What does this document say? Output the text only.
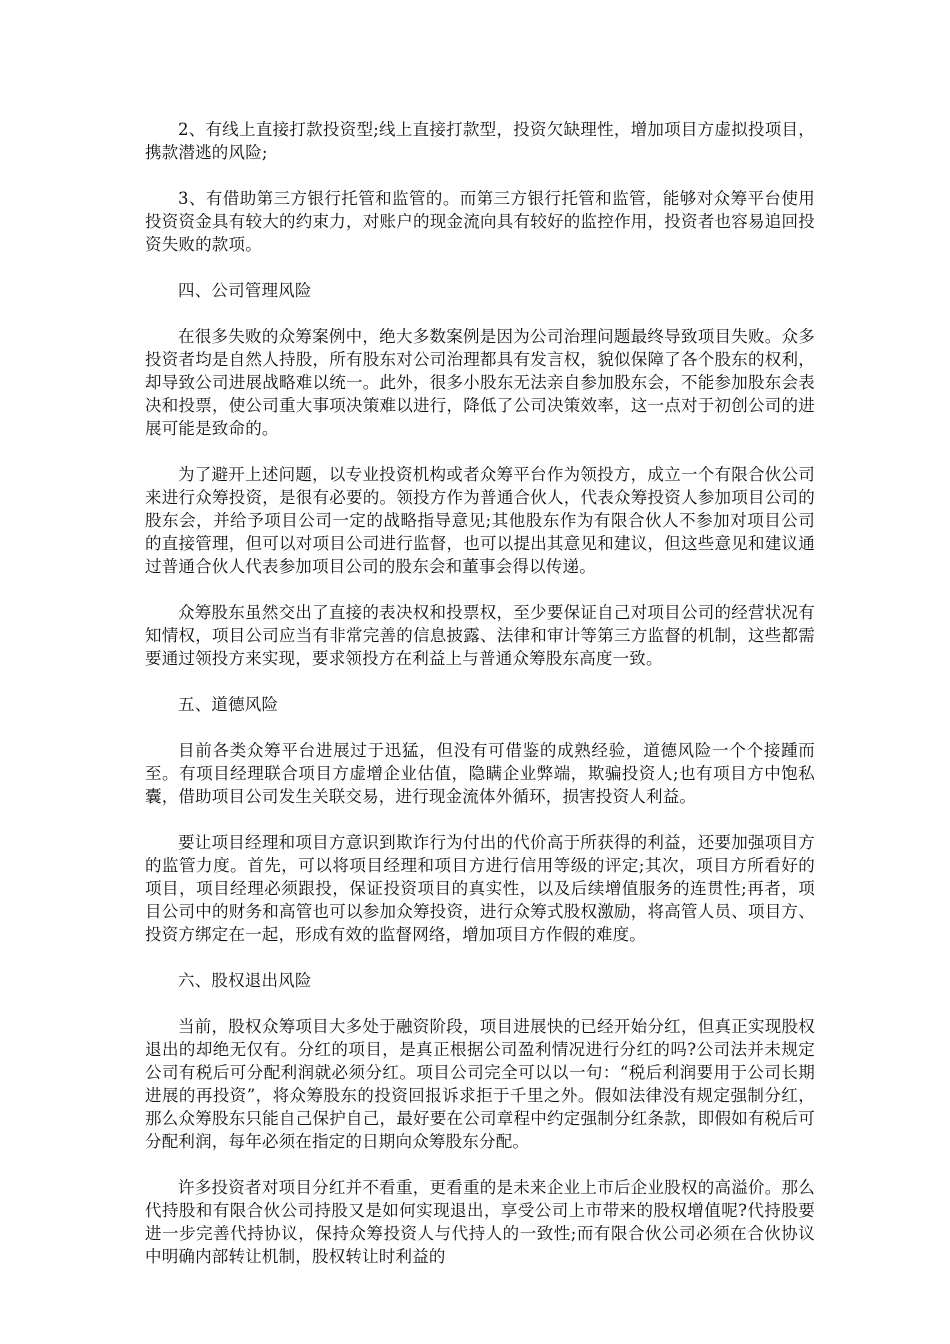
2、有线上直接打款投资型;线上直接打款型，投资欠缺理性，增加项目方虚拟投项目，携款潜逃的风险;

3、有借助第三方银行托管和监管的。而第三方银行托管和监管，能够对众筹平台使用投资资金具有较大的约束力，对账户的现金流向具有较好的监控作用，投资者也容易追回投资失败的款项。

四、公司管理风险

在很多失败的众筹案例中，绝大多数案例是因为公司治理问题最终导致项目失败。众多投资者均是自然人持股，所有股东对公司治理都具有发言权，貌似保障了各个股东的权利，却导致公司进展战略难以统一。此外，很多小股东无法亲自参加股东会，不能参加股东会表决和投票，使公司重大事项决策难以进行，降低了公司决策效率，这一点对于初创公司的进展可能是致命的。

为了避开上述问题，以专业投资机构或者众筹平台作为领投方，成立一个有限合伙公司来进行众筹投资，是很有必要的。领投方作为普通合伙人，代表众筹投资人参加项目公司的股东会，并给予项目公司一定的战略指导意见;其他股东作为有限合伙人不参加对项目公司的直接管理，但可以对项目公司进行监督，也可以提出其意见和建议，但这些意见和建议通过普通合伙人代表参加项目公司的股东会和董事会得以传递。

众筹股东虽然交出了直接的表决权和投票权，至少要保证自己对项目公司的经营状况有知情权，项目公司应当有非常完善的信息披露、法律和审计等第三方监督的机制，这些都需要通过领投方来实现，要求领投方在利益上与普通众筹股东高度一致。

五、道德风险

目前各类众筹平台进展过于迅猛，但没有可借鉴的成熟经验，道德风险一个个接踵而至。有项目经理联合项目方虚增企业估值，隐瞒企业弊端，欺骗投资人;也有项目方中饱私囊，借助项目公司发生关联交易，进行现金流体外循环，损害投资人利益。

要让项目经理和项目方意识到欺诈行为付出的代价高于所获得的利益，还要加强项目方的监管力度。首先，可以将项目经理和项目方进行信用等级的评定;其次，项目方所看好的项目，项目经理必须跟投，保证投资项目的真实性，以及后续增值服务的连贯性;再者，项目公司中的财务和高管也可以参加众筹投资，进行众筹式股权激励，将高管人员、项目方、投资方绑定在一起，形成有效的监督网络，增加项目方作假的难度。

六、股权退出风险

当前，股权众筹项目大多处于融资阶段，项目进展快的已经开始分红，但真正实现股权退出的却绝无仅有。分红的项目，是真正根据公司盈利情况进行分红的吗?公司法并未规定公司有税后可分配利润就必须分红。项目公司完全可以以一句：“税后利润要用于公司长期进展的再投资”，将众筹股东的投资回报诉求拒于千里之外。假如法律没有规定强制分红，那么众筹股东只能自己保护自己，最好要在公司章程中约定强制分红条款，即假如有税后可分配利润，每年必须在指定的日期向众筹股东分配。

许多投资者对项目分红并不看重，更看重的是未来企业上市后企业股权的高溢价。那么代持股和有限合伙公司持股又是如何实现退出，享受公司上市带来的股权增值呢?代持股要进一步完善代持协议，保持众筹投资人与代持人的一致性;而有限合伙公司必须在合伙协议中明确内部转让机制，股权转让时利益的
